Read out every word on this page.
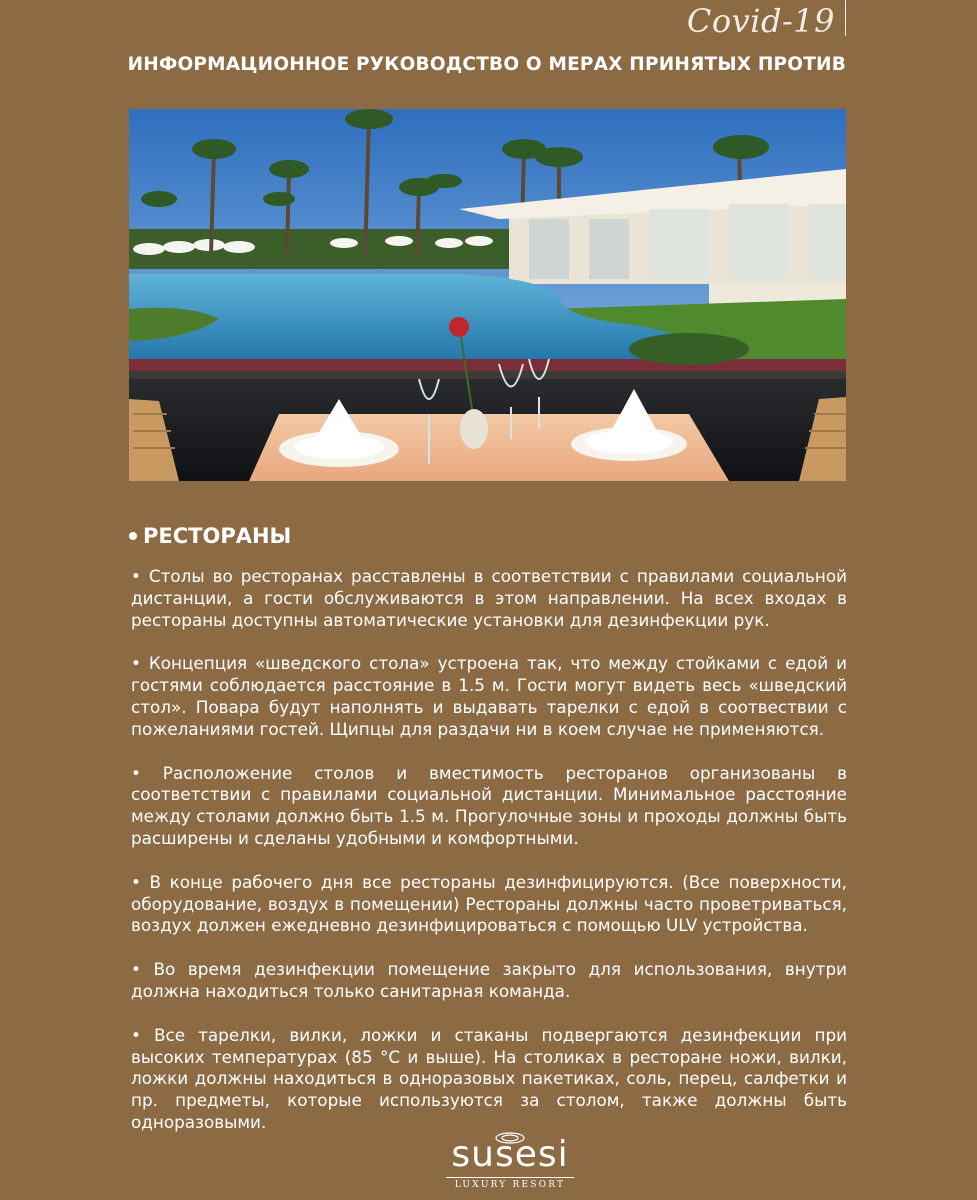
Covid-19
ИНФОРМАЦИОННОЕ РУКОВОДСТВО О МЕРАХ ПРИНЯТЫХ ПРОТИВ
РЕСТОРАНЫ

• Столы во ресторанах расставлены в соответствии с правилами социальной дистанции, а гости обслуживаются в этом направлении. На всех входах в рестораны доступны автоматические установки для дезинфекции рук.

• Концепция «шведского стола» устроена так, что между стойками с едой и гостями соблюдается расстояние в 1.5 м. Гости могут видеть весь «шведский стол». Повара будут наполнять и выдавать тарелки с едой в соотвествии с пожеланиями гостей. Щипцы для раздачи ни в коем случае не применяются.

• Расположение столов и вместимость ресторанов организованы в соответствии с правилами социальной дистанции. Минимальное расстояние между столами должно быть 1.5 м. Прогулочные зоны и проходы должны быть расширены и сделаны удобными и комфортными.

• В конце рабочего дня все рестораны дезинфицируются. (Все поверхности, оборудование, воздух в помещении) Рестораны должны часто проветриваться, воздух должен ежедневно дезинфицироваться с помощью ULV устройства.

• Во время дезинфекции помещение закрыто для использования, внутри должна находиться только санитарная команда.

• Все тарелки, вилки, ложки и стаканы подвергаются дезинфекции при высоких температурах (85 °C и выше). На столиках в ресторане ножи, вилки, ложки должны находиться в одноразовых пакетиках, соль, перец, салфетки и пр. предметы, которые используются за столом, также должны быть одноразовыми.

susesi
LUXURY RESORT
